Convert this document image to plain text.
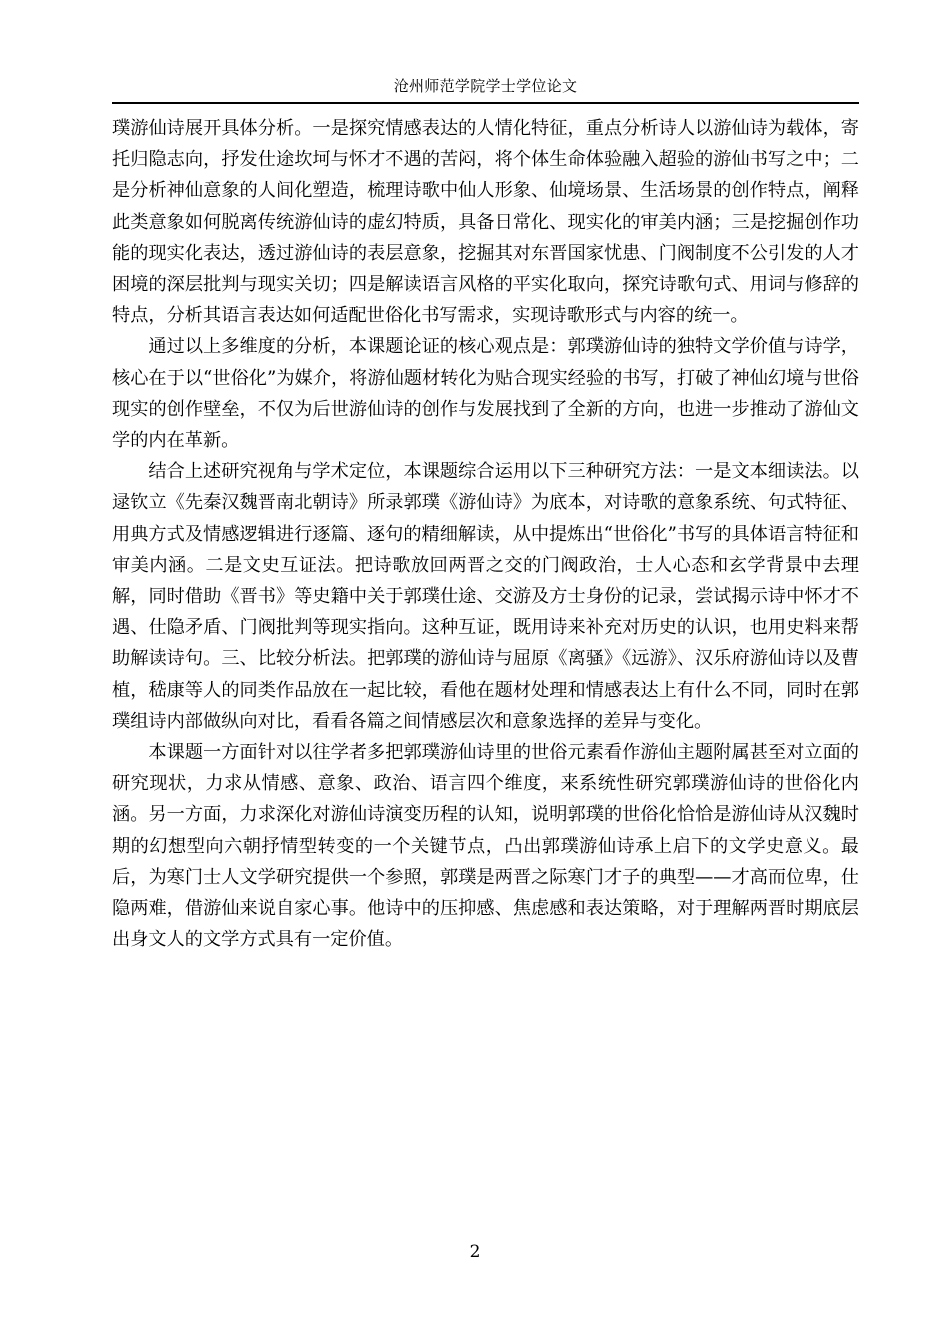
沧州师范学院学士学位论文

璞游仙诗展开具体分析。一是探究情感表达的人情化特征，重点分析诗人以游仙诗为载体，寄托归隐志向，抒发仕途坎坷与怀才不遇的苦闷，将个体生命体验融入超验的游仙书写之中；二是分析神仙意象的人间化塑造，梳理诗歌中仙人形象、仙境场景、生活场景的创作特点，阐释此类意象如何脱离传统游仙诗的虚幻特质，具备日常化、现实化的审美内涵；三是挖掘创作功能的现实化表达，透过游仙诗的表层意象，挖掘其对东晋国家忧患、门阀制度不公引发的人才困境的深层批判与现实关切；四是解读语言风格的平实化取向，探究诗歌句式、用词与修辞的特点，分析其语言表达如何适配世俗化书写需求，实现诗歌形式与内容的统一。

通过以上多维度的分析，本课题论证的核心观点是：郭璞游仙诗的独特文学价值与诗学，核心在于以“世俗化”为媒介，将游仙题材转化为贴合现实经验的书写，打破了神仙幻境与世俗现实的创作壁垒，不仅为后世游仙诗的创作与发展找到了全新的方向，也进一步推动了游仙文学的内在革新。

结合上述研究视角与学术定位，本课题综合运用以下三种研究方法：一是文本细读法。以逯钦立《先秦汉魏晋南北朝诗》所录郭璞《游仙诗》为底本，对诗歌的意象系统、句式特征、用典方式及情感逻辑进行逐篇、逐句的精细解读，从中提炼出“世俗化”书写的具体语言特征和审美内涵。二是文史互证法。把诗歌放回两晋之交的门阀政治，士人心态和玄学背景中去理解，同时借助《晋书》等史籍中关于郭璞仕途、交游及方士身份的记录，尝试揭示诗中怀才不遇、仕隐矛盾、门阀批判等现实指向。这种互证，既用诗来补充对历史的认识，也用史料来帮助解读诗句。三、比较分析法。把郭璞的游仙诗与屈原《离骚》《远游》、汉乐府游仙诗以及曹植，嵇康等人的同类作品放在一起比较，看他在题材处理和情感表达上有什么不同，同时在郭璞组诗内部做纵向对比，看看各篇之间情感层次和意象选择的差异与变化。

本课题一方面针对以往学者多把郭璞游仙诗里的世俗元素看作游仙主题附属甚至对立面的研究现状，力求从情感、意象、政治、语言四个维度，来系统性研究郭璞游仙诗的世俗化内涵。另一方面，力求深化对游仙诗演变历程的认知，说明郭璞的世俗化恰恰是游仙诗从汉魏时期的幻想型向六朝抒情型转变的一个关键节点，凸出郭璞游仙诗承上启下的文学史意义。最后，为寒门士人文学研究提供一个参照，郭璞是两晋之际寒门才子的典型——才高而位卑，仕隐两难，借游仙来说自家心事。他诗中的压抑感、焦虑感和表达策略，对于理解两晋时期底层出身文人的文学方式具有一定价值。

2
